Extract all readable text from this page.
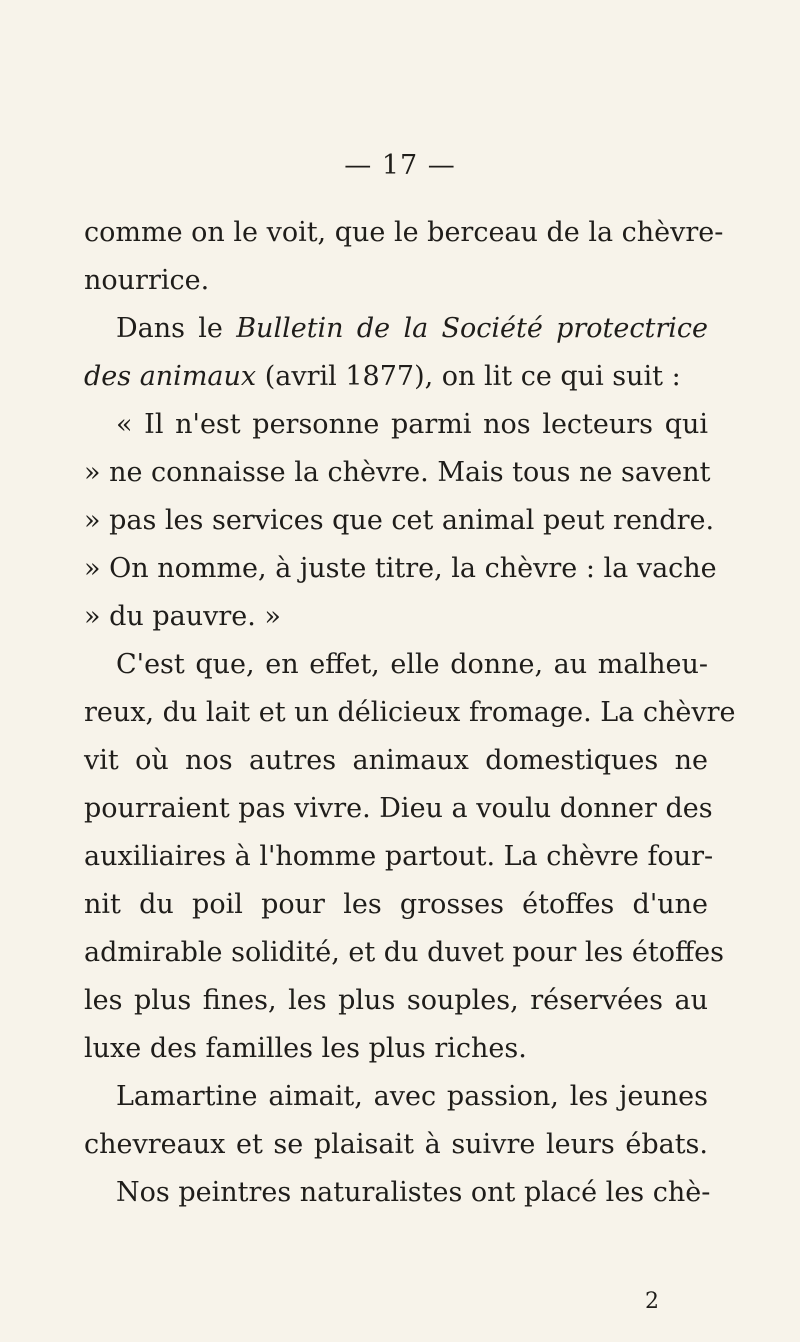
— 17 —
comme on le voit, que le berceau de la chèvre-
nourrice.
Dans le Bulletin de la Société protectrice
des animaux (avril 1877), on lit ce qui suit :
« Il n'est personne parmi nos lecteurs qui
» ne connaisse la chèvre. Mais tous ne savent
» pas les services que cet animal peut rendre.
» On nomme, à juste titre, la chèvre : la vache
» du pauvre. »
C'est que, en effet, elle donne, au malheu-
reux, du lait et un délicieux fromage. La chèvre
vit où nos autres animaux domestiques ne
pourraient pas vivre. Dieu a voulu donner des
auxiliaires à l'homme partout. La chèvre four-
nit du poil pour les grosses étoffes d'une
admirable solidité, et du duvet pour les étoffes
les plus fines, les plus souples, réservées au
luxe des familles les plus riches.
Lamartine aimait, avec passion, les jeunes
chevreaux et se plaisait à suivre leurs ébats.
Nos peintres naturalistes ont placé les chè-
2
